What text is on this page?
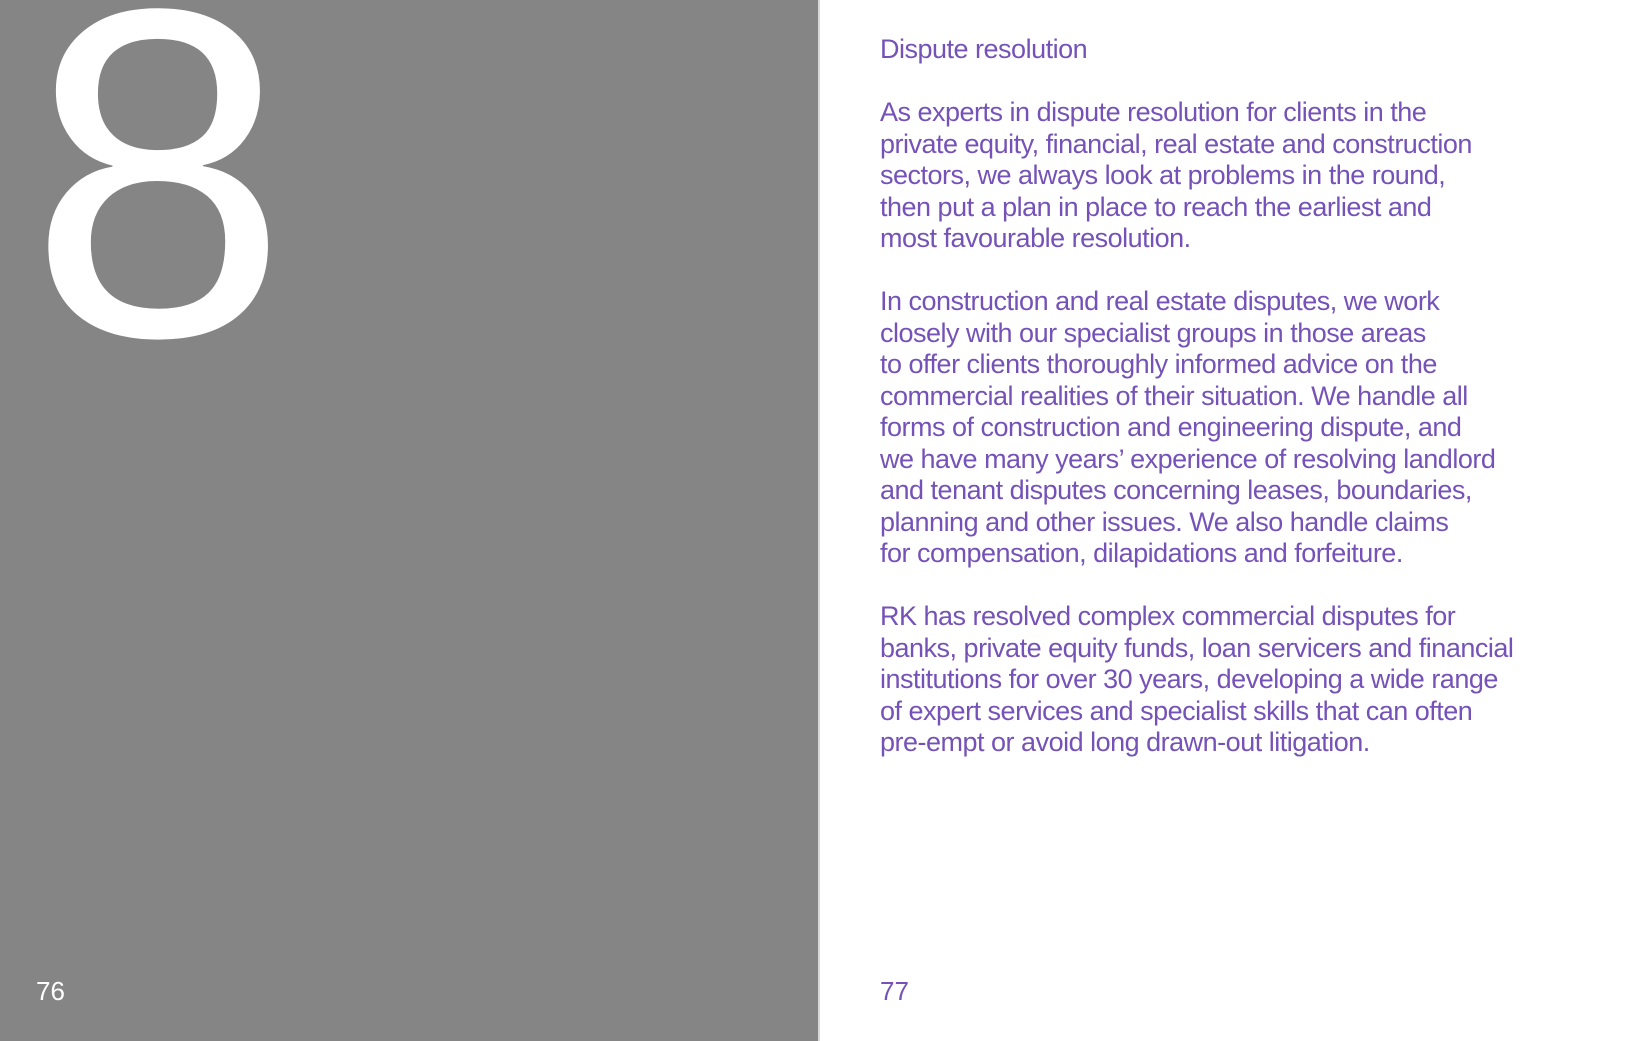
8
76
Dispute resolution

As experts in dispute resolution for clients in the
private equity, financial, real estate and construction
sectors, we always look at problems in the round,
then put a plan in place to reach the earliest and
most favourable resolution.

In construction and real estate disputes, we work
closely with our specialist groups in those areas
to offer clients thoroughly informed advice on the
commercial realities of their situation. We handle all
forms of construction and engineering dispute, and
we have many years’ experience of resolving landlord
and tenant disputes concerning leases, boundaries,
planning and other issues. We also handle claims
for compensation, dilapidations and forfeiture.

RK has resolved complex commercial disputes for
banks, private equity funds, loan servicers and financial
institutions for over 30 years, developing a wide range
of expert services and specialist skills that can often
pre-empt or avoid long drawn-out litigation.

77
